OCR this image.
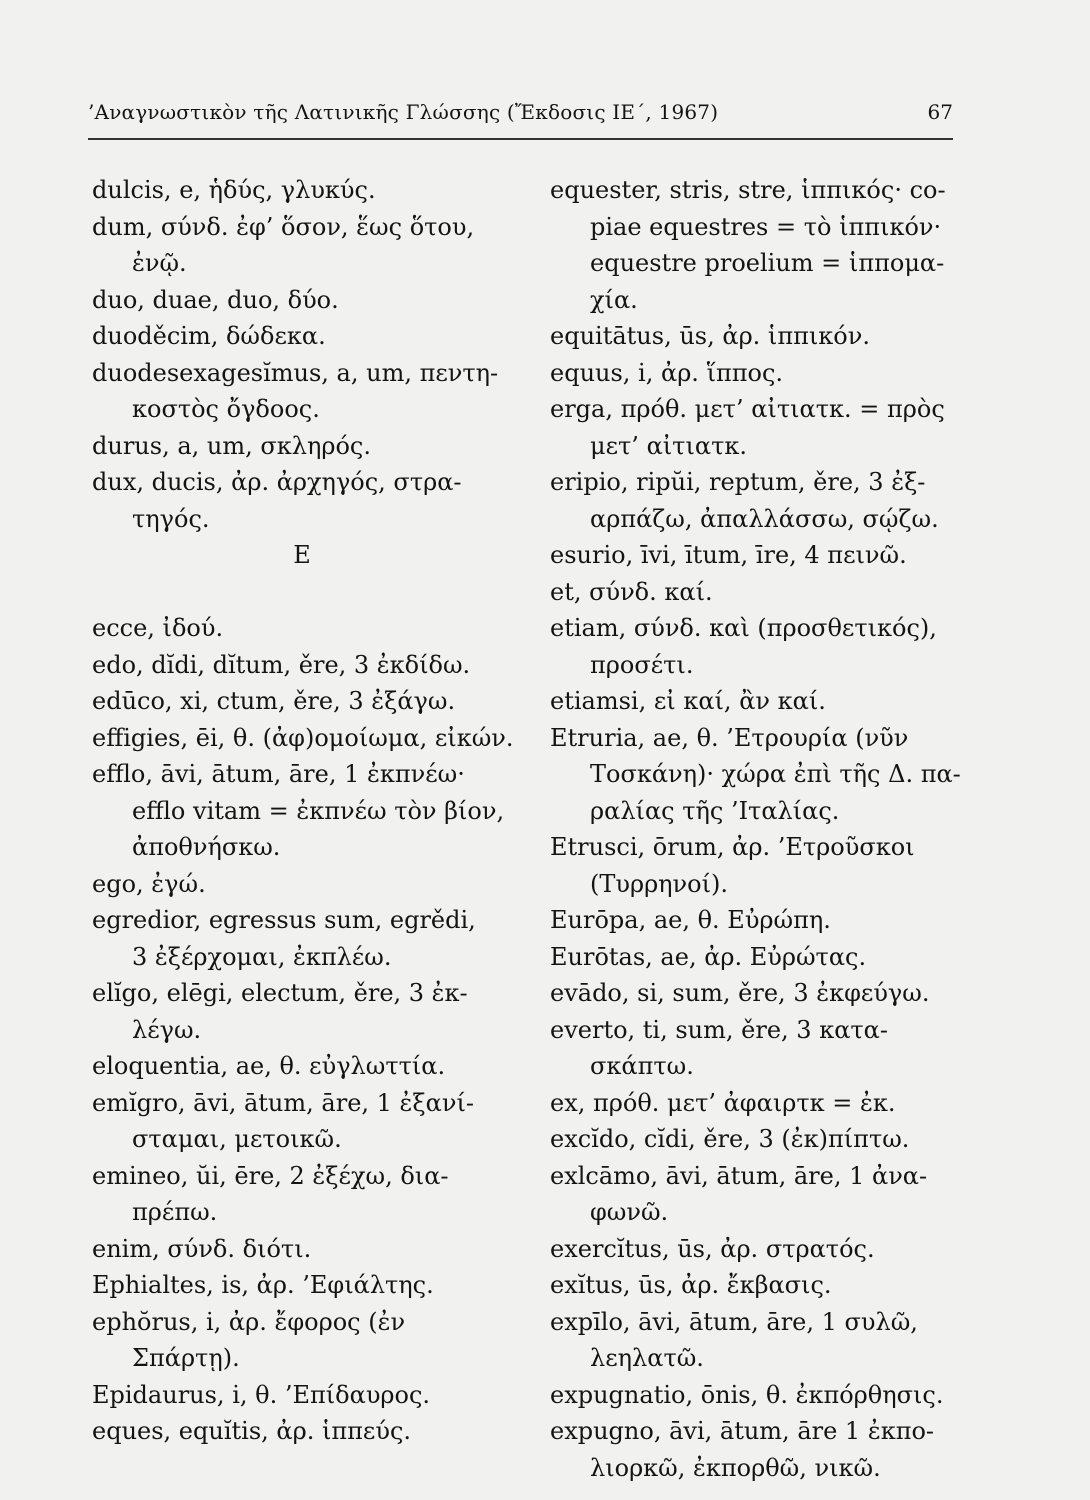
’Αναγνωστικὸν τῆς Λατινικῆς Γλώσσης (Ἔκδοσις ΙΕ΄, 1967)	67
dulcis, e, ἡδύς, γλυκύς.
dum, σύνδ. ἐφ’ ὅσον, ἕως ὅτου,
ἐνῷ.
duo, duae, duo, δύο.
duoděcim, δώδεκα.
duodesexagesĭmus, a, um, πεντη-
κοστὸς ὄγδοος.
durus, a, um, σκληρός.
dux, ducis, ἀρ. ἀρχηγός, στρα-
τηγός.
E
ecce, ἰδού.
edo, dĭdi, dĭtum, ěre, 3 ἐκδίδω.
edūco, xi, ctum, ěre, 3 ἐξάγω.
effigies, ēi, θ. (ἀφ)ομοίωμα, εἰκών.
efflo, āvi, ātum, āre, 1 ἐκπνέω·
efflo vitam = ἐκπνέω τὸν βίον,
ἀποθνήσκω.
ego, ἐγώ.
egredior, egressus sum, egrědi,
3 ἐξέρχομαι, ἐκπλέω.
elĭgo, elēgi, electum, ěre, 3 ἐκ-
λέγω.
eloquentia, ae, θ. εὐγλωττία.
emĭgro, āvi, ātum, āre, 1 ἐξανί-
σταμαι, μετοικῶ.
emineo, ŭi, ēre, 2 ἐξέχω, δια-
πρέπω.
enim, σύνδ. διότι.
Ephialtes, is, ἀρ. ’Εφιάλτης.
ephŏrus, i, ἀρ. ἔφορος (ἐν
Σπάρτῃ).
Epidaurus, i, θ. ’Επίδαυρος.
eques, equĭtis, ἀρ. ἱππεύς.
equester, stris, stre, ἱππικός· co-
piae equestres = τὸ ἱππικόν·
equestre proelium = ἱππομα-
χία.
equitātus, ūs, ἀρ. ἱππικόν.
equus, i, ἀρ. ἵππος.
erga, πρόθ. μετ’ αἰτιατκ. = πρὸς
μετ’ αἰτιατκ.
eripio, ripŭi, reptum, ěre, 3 ἐξ-
αρπάζω, ἀπαλλάσσω, σῴζω.
esurio, īvi, ītum, īre, 4 πεινῶ.
et, σύνδ. καί.
etiam, σύνδ. καὶ (προσθετικός),
προσέτι.
etiamsi, εἰ καί, ἂν καί.
Etruria, ae, θ. ’Ετρουρία (νῦν
Τοσκάνη)· χώρα ἐπὶ τῆς Δ. πα-
ραλίας τῆς ’Ιταλίας.
Etrusci, ōrum, ἀρ. ’Ετροῦσκοι
(Τυρρηνοί).
Eurōpa, ae, θ. Εὐρώπη.
Eurōtas, ae, ἀρ. Εὐρώτας.
evādo, si, sum, ěre, 3 ἐκφεύγω.
everto, ti, sum, ěre, 3 κατα-
σκάπτω.
ex, πρόθ. μετ’ ἀφαιρτκ = ἐκ.
excĭdo, cĭdi, ěre, 3 (ἐκ)πίπτω.
exlcāmo, āvi, ātum, āre, 1 ἀνα-
φωνῶ.
exercĭtus, ūs, ἀρ. στρατός.
exĭtus, ūs, ἀρ. ἔκβασις.
expīlo, āvi, ātum, āre, 1 συλῶ,
λεηλατῶ.
expugnatio, ōnis, θ. ἐκπόρθησις.
expugno, āvi, ātum, āre 1 ἐκπο-
λιορκῶ, ἐκπορθῶ, νικῶ.
